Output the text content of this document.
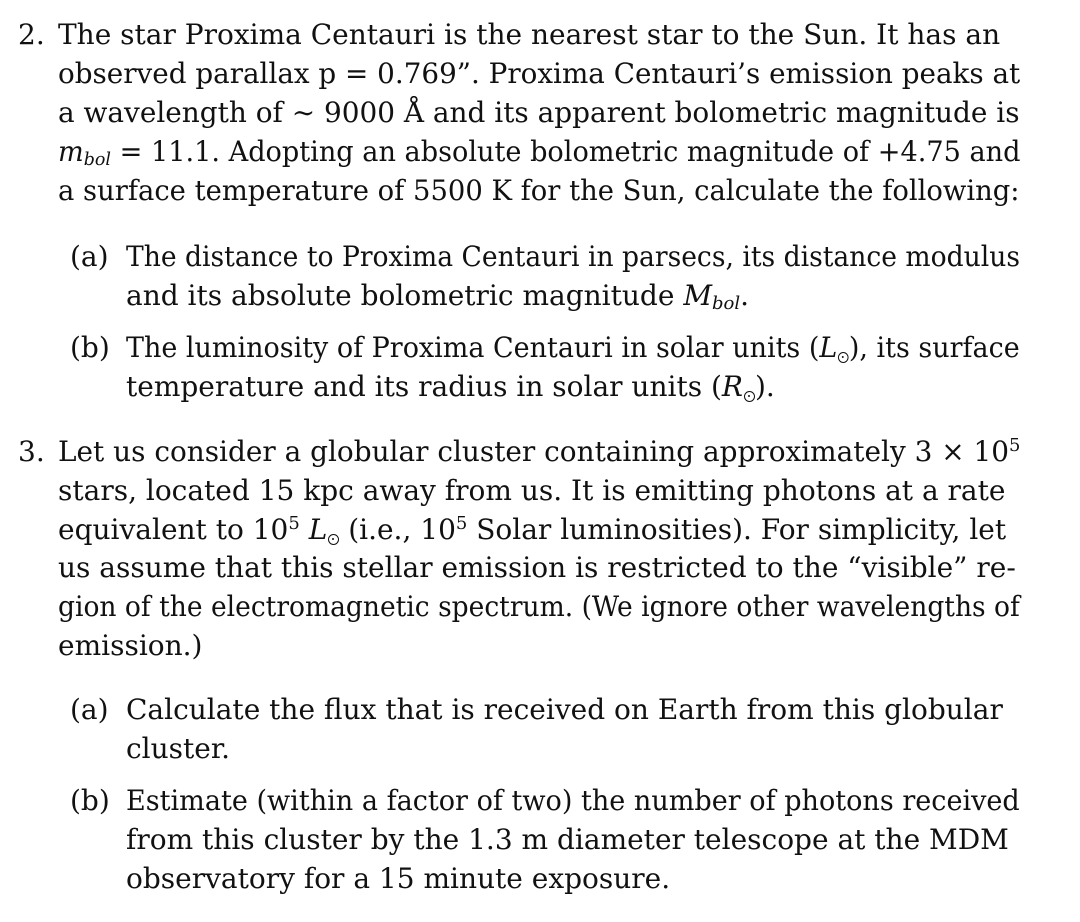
2. The star Proxima Centauri is the nearest star to the Sun. It has an
observed parallax p = 0.769”. Proxima Centauri’s emission peaks at
a wavelength of ∼ 9000 Å and its apparent bolometric magnitude is
$m_{bol} = 11.1$. Adopting an absolute bolometric magnitude of +4.75 and
a surface temperature of 5500 K for the Sun, calculate the following:
(a) The distance to Proxima Centauri in parsecs, its distance modulus
and its absolute bolometric magnitude $M_{bol}$.
(b) The luminosity of Proxima Centauri in solar units (L ), its surface
temperature and its radius in solar units (R ).
3. Let us consider a globular cluster containing approximately $3 \times 10^5$
stars, located 15 kpc away from us. It is emitting photons at a rate
equivalent to $10^5$ L (i.e., $10^5$ Solar luminosities). For simplicity, let
us assume that this stellar emission is restricted to the “visible” re-
gion of the electromagnetic spectrum. (We ignore other wavelengths of
emission.)
(a) Calculate the flux that is received on Earth from this globular
cluster.
(b) Estimate (within a factor of two) the number of photons received
from this cluster by the 1.3 m diameter telescope at the MDM
observatory for a 15 minute exposure.
